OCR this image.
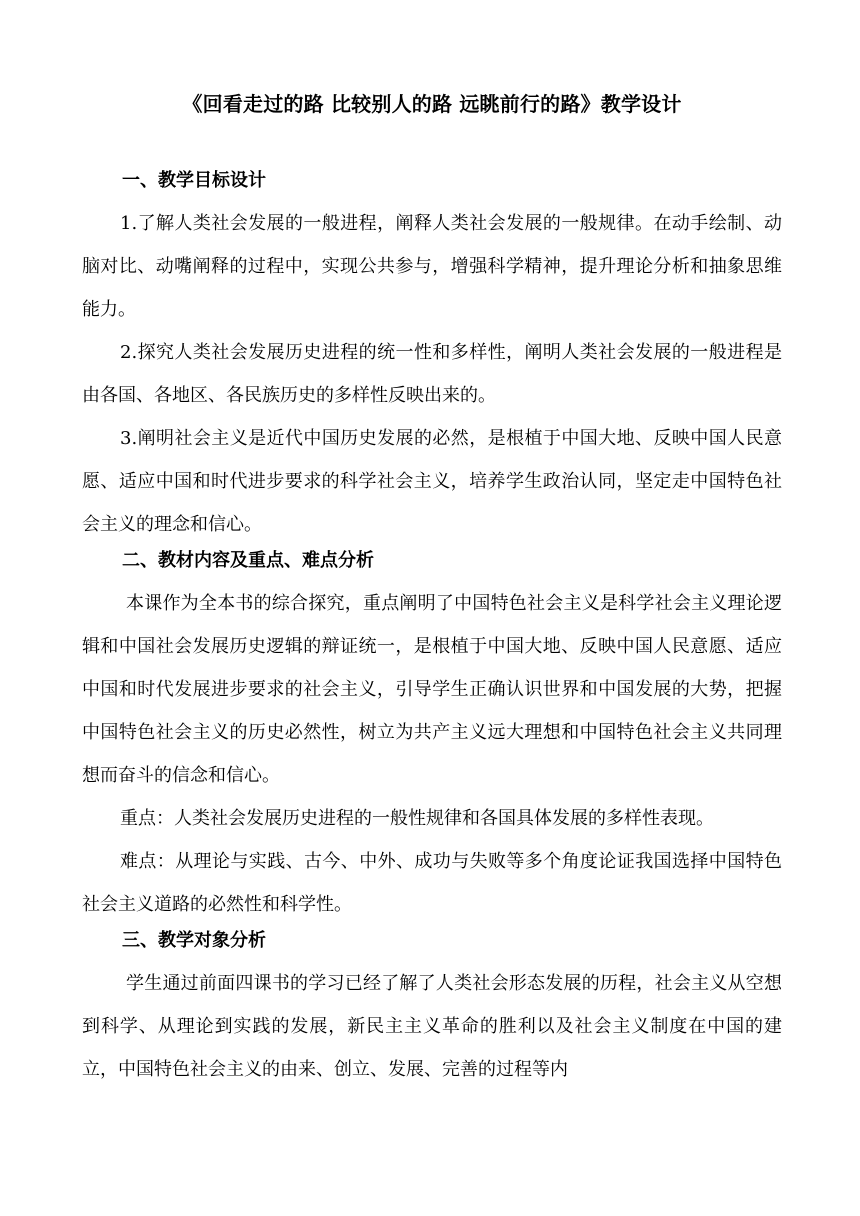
《回看走过的路 比较别人的路 远眺前行的路》教学设计
一、教学目标设计

1.了解人类社会发展的一般进程，阐释人类社会发展的一般规律。在动手绘制、动脑对比、动嘴阐释的过程中，实现公共参与，增强科学精神，提升理论分析和抽象思维能力。

2.探究人类社会发展历史进程的统一性和多样性，阐明人类社会发展的一般进程是由各国、各地区、各民族历史的多样性反映出来的。

3.阐明社会主义是近代中国历史发展的必然，是根植于中国大地、反映中国人民意愿、适应中国和时代进步要求的科学社会主义，培养学生政治认同，坚定走中国特色社会主义的理念和信心。

二、教材内容及重点、难点分析

本课作为全本书的综合探究，重点阐明了中国特色社会主义是科学社会主义理论逻辑和中国社会发展历史逻辑的辩证统一，是根植于中国大地、反映中国人民意愿、适应中国和时代发展进步要求的社会主义，引导学生正确认识世界和中国发展的大势，把握中国特色社会主义的历史必然性，树立为共产主义远大理想和中国特色社会主义共同理想而奋斗的信念和信心。

重点：人类社会发展历史进程的一般性规律和各国具体发展的多样性表现。

难点：从理论与实践、古今、中外、成功与失败等多个角度论证我国选择中国特色社会主义道路的必然性和科学性。

三、教学对象分析

学生通过前面四课书的学习已经了解了人类社会形态发展的历程，社会主义从空想到科学、从理论到实践的发展，新民主主义革命的胜利以及社会主义制度在中国的建立，中国特色社会主义的由来、创立、发展、完善的过程等内
